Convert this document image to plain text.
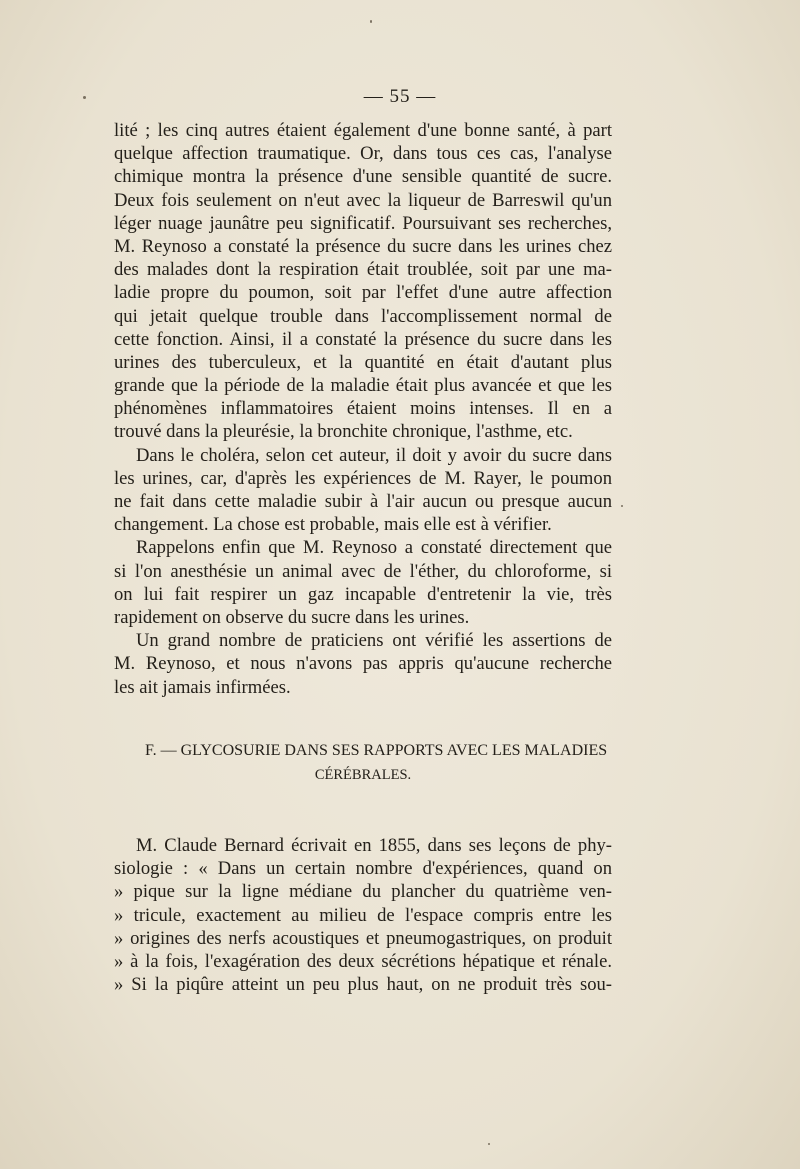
— 55 —
lité ; les cinq autres étaient également d'une bonne santé, à part
quelque affection traumatique. Or, dans tous ces cas, l'analyse
chimique montra la présence d'une sensible quantité de sucre.
Deux fois seulement on n'eut avec la liqueur de Barreswil qu'un
léger nuage jaunâtre peu significatif. Poursuivant ses recherches,
M. Reynoso a constaté la présence du sucre dans les urines chez
des malades dont la respiration était troublée, soit par une ma-
ladie propre du poumon, soit par l'effet d'une autre affection
qui jetait quelque trouble dans l'accomplissement normal de
cette fonction. Ainsi, il a constaté la présence du sucre dans les
urines des tuberculeux, et la quantité en était d'autant plus
grande que la période de la maladie était plus avancée et que les
phénomènes inflammatoires étaient moins intenses. Il en a
trouvé dans la pleurésie, la bronchite chronique, l'asthme, etc.
Dans le choléra, selon cet auteur, il doit y avoir du sucre dans
les urines, car, d'après les expériences de M. Rayer, le poumon
ne fait dans cette maladie subir à l'air aucun ou presque aucun
changement. La chose est probable, mais elle est à vérifier.
Rappelons enfin que M. Reynoso a constaté directement que
si l'on anesthésie un animal avec de l'éther, du chloroforme, si
on lui fait respirer un gaz incapable d'entretenir la vie, très
rapidement on observe du sucre dans les urines.
Un grand nombre de praticiens ont vérifié les assertions de
M. Reynoso, et nous n'avons pas appris qu'aucune recherche
les ait jamais infirmées.
F. — GLYCOSURIE DANS SES RAPPORTS AVEC LES MALADIES
CÉRÉBRALES.
M. Claude Bernard écrivait en 1855, dans ses leçons de phy-
siologie : « Dans un certain nombre d'expériences, quand on
» pique sur la ligne médiane du plancher du quatrième ven-
» tricule, exactement au milieu de l'espace compris entre les
» origines des nerfs acoustiques et pneumogastriques, on produit
» à la fois, l'exagération des deux sécrétions hépatique et rénale.
» Si la piqûre atteint un peu plus haut, on ne produit très sou-
